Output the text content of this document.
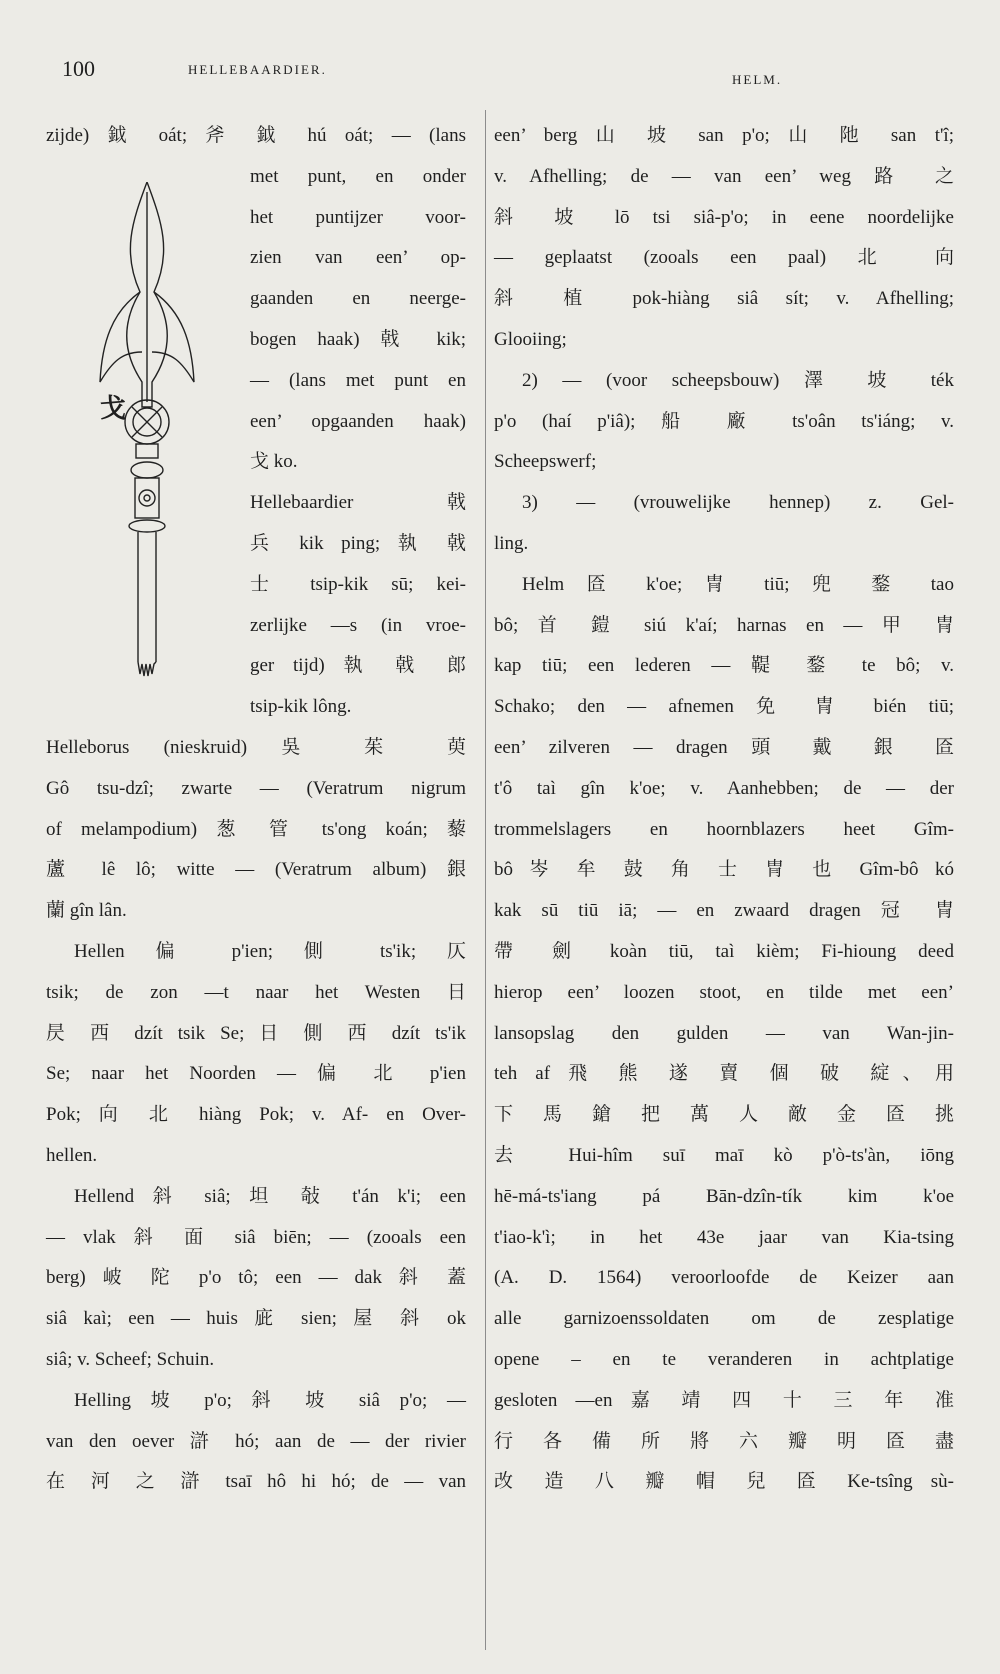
100	HELLEBAARDIER.
HELM.
戈
zijde) 鉞 oát; 斧 鉞 hú oát; — (lans
met punt, en onder
het puntijzer voor-
zien van een’ op-
gaanden en neerge-
bogen haak) 戟 kik;
— (lans met punt en
een’ opgaanden haak)
戈 ko.
Hellebaardier 戟
兵 kik ping; 執 戟
士 tsip-kik sū; kei-
zerlijke —s (in vroe-
ger tijd) 執 戟 郎
tsip-kik lông.
Helleborus (nieskruid) 吳 茱 萸
Gô tsu-dzî; zwarte — (Veratrum nigrum
of melampodium) 葱 管 ts'ong koán; 藜
蘆 lê lô; witte — (Veratrum album) 銀
蘭 gîn lân.
Hellen 偏 p'ien; 側 ts'ik; 仄
tsik; de zon —t naar het Westen 日
昃 西 dzít tsik Se; 日 側 西 dzít ts'ik
Se; naar het Noorden — 偏 北 p'ien
Pok; 向 北 hiàng Pok; v. Af- en Over-
hellen.
Hellend 斜 siâ; 坦 敧 t'án k'i; een
— vlak 斜 面 siâ biēn; — (zooals een
berg) 岥 陀 p'o tô; een — dak 斜 蓋
siâ kaì; een — huis 庛 sien; 屋 斜 ok
siâ; v. Scheef; Schuin.
Helling 坡 p'o; 斜 坡 siâ p'o; —
van den oever 滸 hó; aan de — der rivier
在 河 之 滸 tsaī hô hi hó; de — van
een’ berg 山 坡 san p'o; 山 阤 san t'î;
v. Afhelling; de — van een’ weg 路 之
斜 坡 lō tsi siâ-p'o; in eene noordelijke
— geplaatst (zooals een paal) 北 向
斜 植 pok-hiàng siâ sít; v. Afhelling;
Glooiing;
2) — (voor scheepsbouw) 澤 坡 ték
p'o (haí p'iâ); 船 廠 ts'oân ts'iáng; v.
Scheepswerf;
3) — (vrouwelijke hennep) z. Gel-
ling.
Helm 匼 k'oe; 冑 tiū; 兜 鍪 tao
bô; 首 鎧 siú k'aí; harnas en — 甲 冑
kap tiū; een lederen — 鞮 鍪 te bô; v.
Schako; den — afnemen 免 冑 bién tiū;
een’ zilveren — dragen 頭 戴 銀 匼
t'ô taì gîn k'oe; v. Aanhebben; de — der
trommelslagers en hoornblazers heet Gîm-
bô 岑 牟 鼓 角 士 冑 也 Gîm-bô kó
kak sū tiū iā; — en zwaard dragen 冠 冑
帶 劍 koàn tiū, taì kièm; Fi-hioung deed
hierop een’ loozen stoot, en tilde met een’
lansopslag den gulden — van Wan-jin-
teh af 飛 熊 遂 賣 個 破 綻、用
下 馬 鎗 把 萬 人 敵 金 匼 挑
去 Hui-hîm suī maī kò p'ò-ts'àn, iōng
hē-má-ts'iang pá Bān-dzîn-tík kim k'oe
t'iao-k'ì; in het 43e jaar van Kia-tsing
(A. D. 1564) veroorloofde de Keizer aan
alle garnizoenssoldaten om de zesplatige
opene – en te veranderen in achtplatige
gesloten —en 嘉 靖 四 十 三 年 准
行 各 備 所 將 六 瓣 明 匼 盡
改 造 八 瓣 帽 兒 匼 Ke-tsîng sù-
